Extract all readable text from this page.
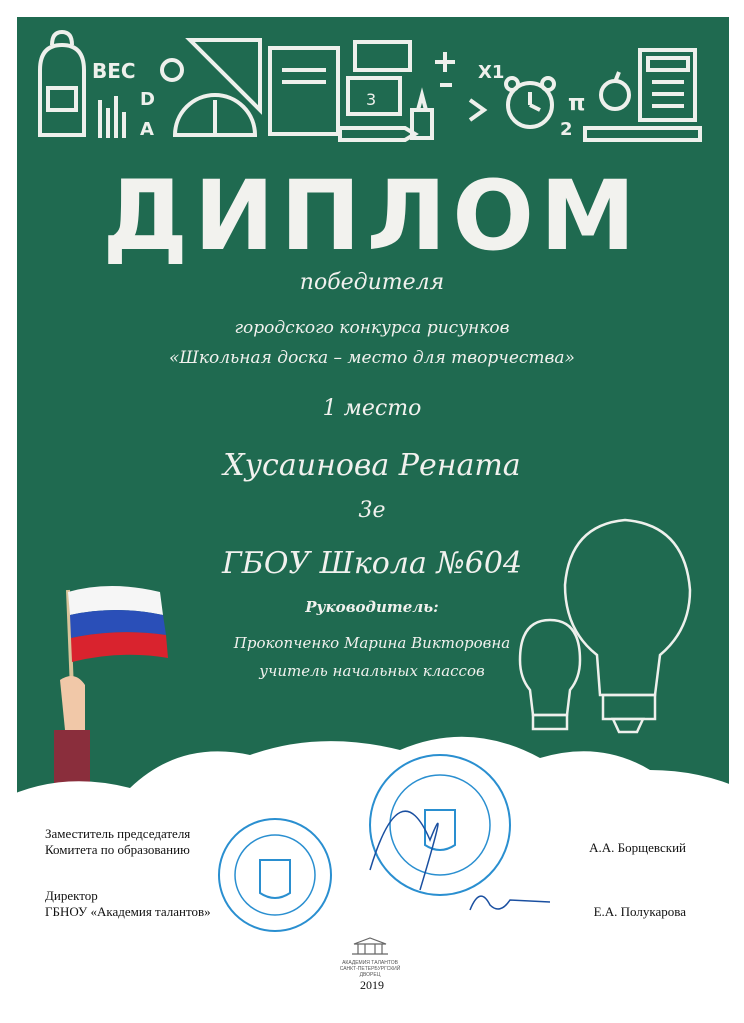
ВЕС
D
A
3
X1
π
2
ДИПЛОМ
победителя
городского конкурса рисунков
«Школьная доска – место для творчества»
1 место
Хусаинова Рената
3е
ГБОУ Школа №604
Руководитель:
Прокопченко Марина Викторовна
учитель начальных классов
Заместитель председателя
Комитета по образованию	А.А. Борщевский
Директор
ГБНОУ «Академия талантов»	Е.А. Полукарова
АКАДЕМИЯ ТАЛАНТОВ
САНКТ-ПЕТЕРБУРГСКИЙ ДВОРЕЦ
2019
